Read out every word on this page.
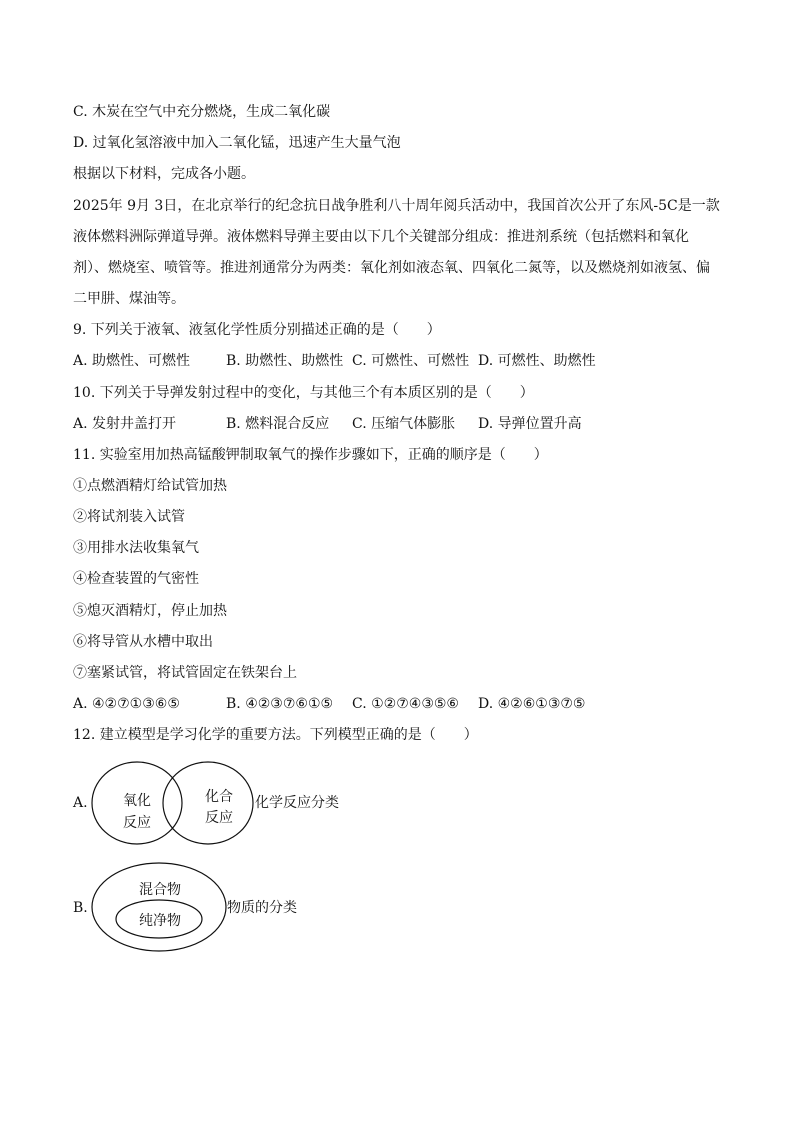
C. 木炭在空气中充分燃烧，生成二氧化碳
D. 过氧化氢溶液中加入二氧化锰，迅速产生大量气泡
根据以下材料，完成各小题。
2025年 9月 3日，在北京举行的纪念抗日战争胜利八十周年阅兵活动中，我国首次公开了东风-5C是一款
液体燃料洲际弹道导弹。液体燃料导弹主要由以下几个关键部分组成：推进剂系统（包括燃料和氧化
剂）、燃烧室、喷管等。推进剂通常分为两类：氧化剂如液态氧、四氧化二氮等，以及燃烧剂如液氢、偏
二甲肼、煤油等。
9. 下列关于液氧、液氢化学性质分别描述正确的是（　　）
A. 助燃性、可燃性	B. 助燃性、助燃性 C. 可燃性、可燃性 D. 可燃性、助燃性
10. 下列关于导弹发射过程中的变化，与其他三个有本质区别的是（　　）
A. 发射井盖打开	B. 燃料混合反应 C. 压缩气体膨胀 D. 导弹位置升高
11. 实验室用加热高锰酸钾制取氧气的操作步骤如下，正确的顺序是（　　）
①点燃酒精灯给试管加热
②将试剂装入试管
③用排水法收集氧气
④检查装置的气密性
⑤熄灭酒精灯，停止加热
⑥将导管从水槽中取出
⑦塞紧试管，将试管固定在铁架台上
A. ④②⑦①③⑥⑤	B. ④②③⑦⑥①⑤ C. ①②⑦④③⑤⑥ D. ④②⑥①③⑦⑤
12. 建立模型是学习化学的重要方法。下列模型正确的是（　　）
A.	氧化
反应
化合
反应
混合物
纯净物
化学反应分类
B.	物质的分类
